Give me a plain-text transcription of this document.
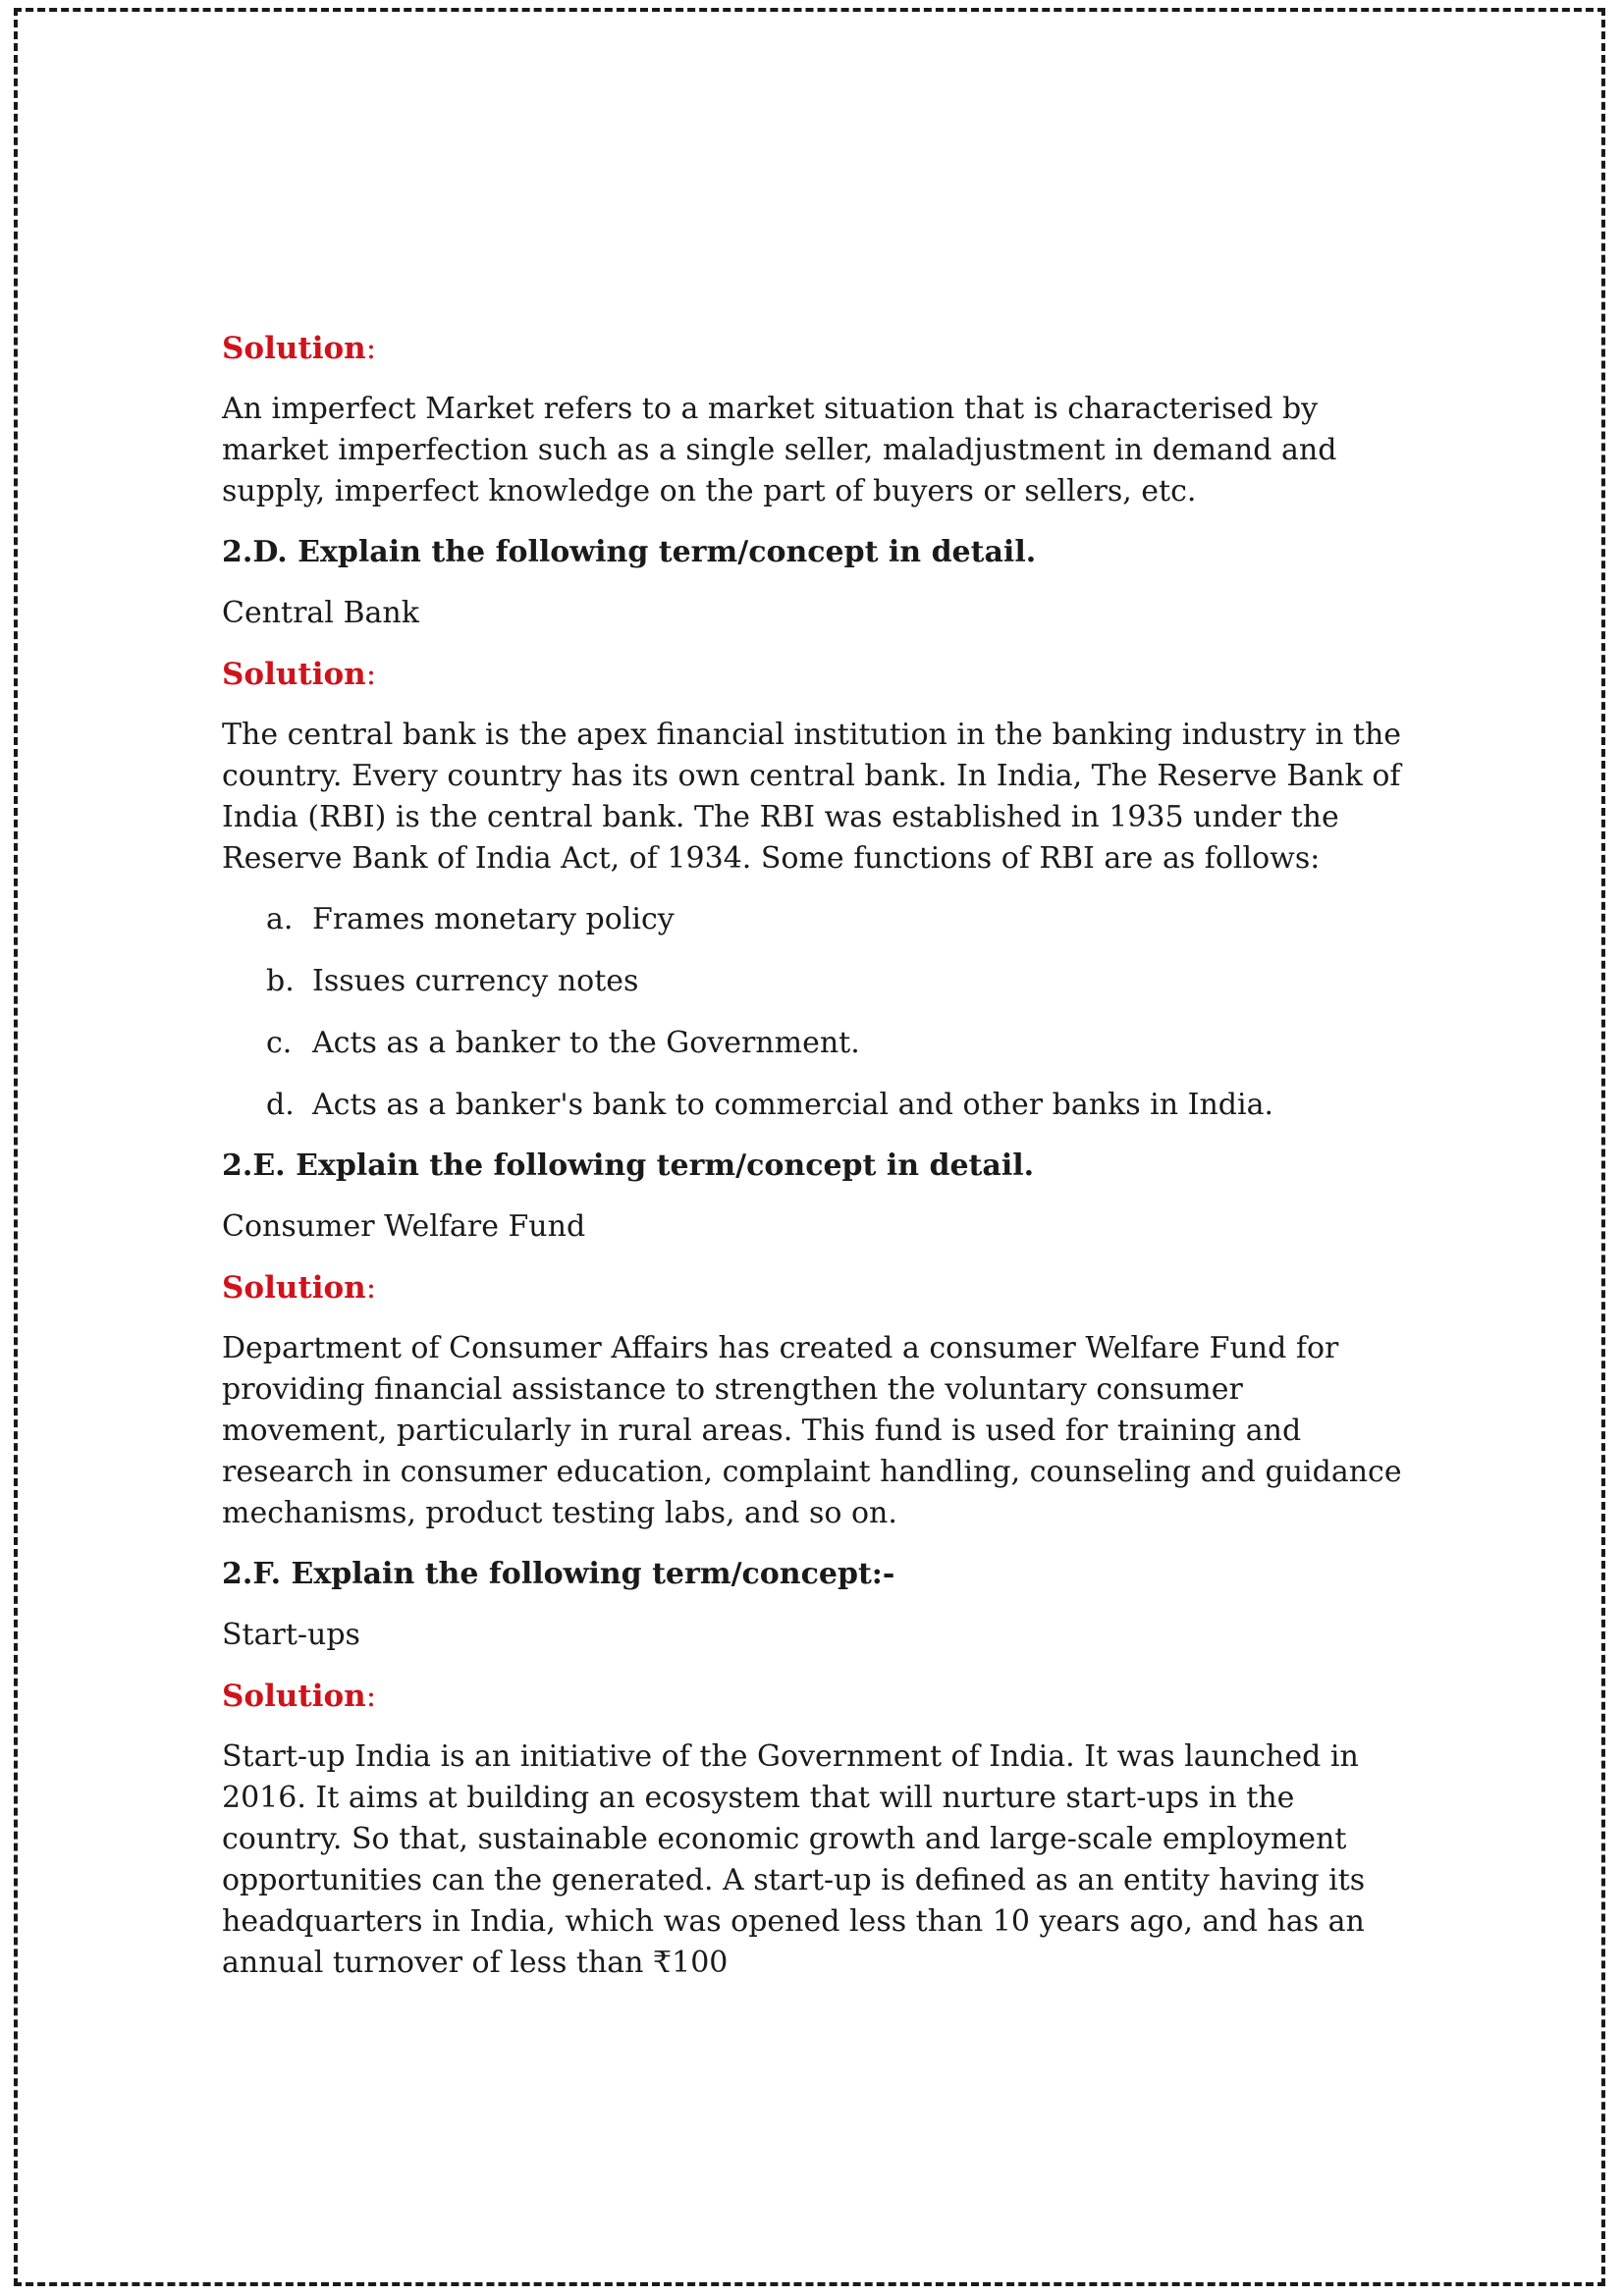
Solution:

An imperfect Market refers to a market situation that is characterised by market imperfection such as a single seller, maladjustment in demand and supply, imperfect knowledge on the part of buyers or sellers, etc.

2.D. Explain the following term/concept in detail.

Central Bank

Solution:

The central bank is the apex financial institution in the banking industry in the country. Every country has its own central bank. In India, The Reserve Bank of India (RBI) is the central bank. The RBI was established in 1935 under the Reserve Bank of India Act, of 1934. Some functions of RBI are as follows:

a. Frames monetary policy
b. Issues currency notes
c. Acts as a banker to the Government.
d. Acts as a banker's bank to commercial and other banks in India.

2.E. Explain the following term/concept in detail.

Consumer Welfare Fund

Solution:

Department of Consumer Affairs has created a consumer Welfare Fund for providing financial assistance to strengthen the voluntary consumer movement, particularly in rural areas. This fund is used for training and research in consumer education, complaint handling, counseling and guidance mechanisms, product testing labs, and so on.

2.F. Explain the following term/concept:-

Start-ups

Solution:

Start-up India is an initiative of the Government of India. It was launched in 2016. It aims at building an ecosystem that will nurture start-ups in the country. So that, sustainable economic growth and large-scale employment opportunities can the generated. A start-up is defined as an entity having its headquarters in India, which was opened less than 10 years ago, and has an annual turnover of less than ₹100
